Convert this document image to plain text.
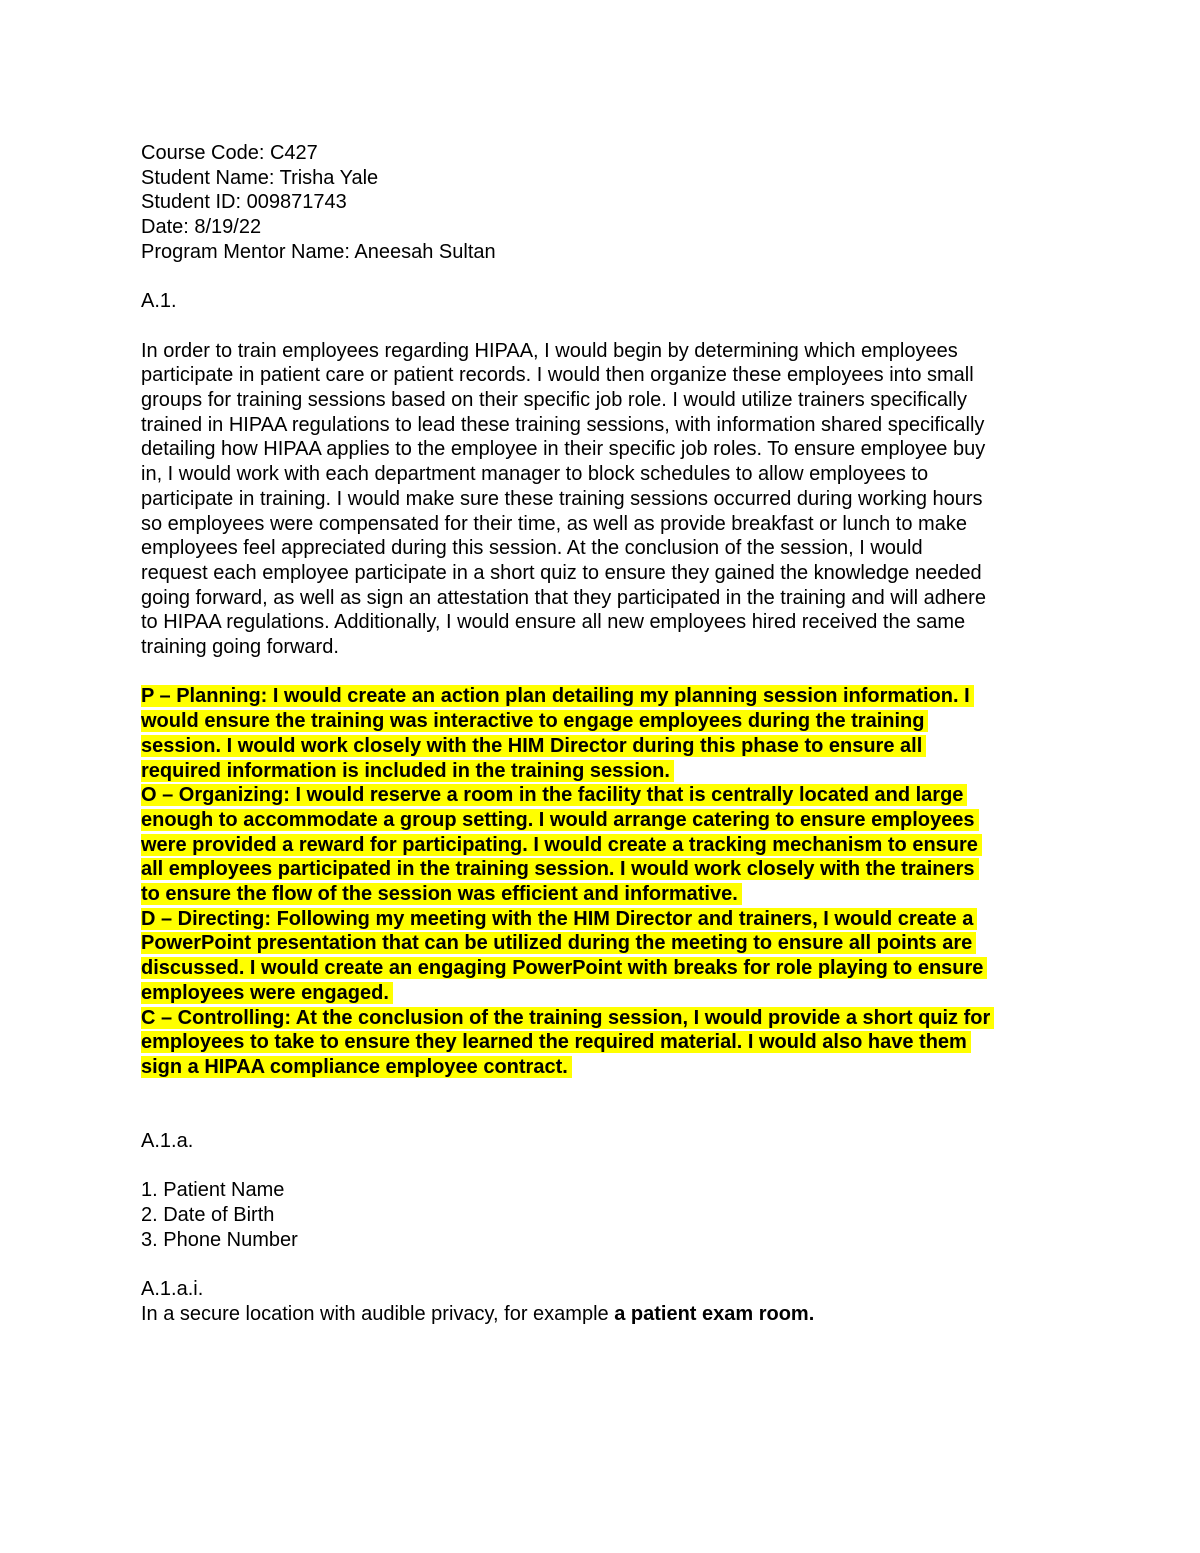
Course Code: C427
Student Name: Trisha Yale
Student ID: 009871743
Date: 8/19/22
Program Mentor Name: Aneesah Sultan
A.1.
In order to train employees regarding HIPAA, I would begin by determining which employees
participate in patient care or patient records. I would then organize these employees into small
groups for training sessions based on their specific job role. I would utilize trainers specifically
trained in HIPAA regulations to lead these training sessions, with information shared specifically
detailing how HIPAA applies to the employee in their specific job roles. To ensure employee buy
in, I would work with each department manager to block schedules to allow employees to
participate in training. I would make sure these training sessions occurred during working hours
so employees were compensated for their time, as well as provide breakfast or lunch to make
employees feel appreciated during this session. At the conclusion of the session, I would
request each employee participate in a short quiz to ensure they gained the knowledge needed
going forward, as well as sign an attestation that they participated in the training and will adhere
to HIPAA regulations. Additionally, I would ensure all new employees hired received the same
training going forward.
P – Planning: I would create an action plan detailing my planning session information. I
would ensure the training was interactive to engage employees during the training
session. I would work closely with the HIM Director during this phase to ensure all
required information is included in the training session.
O – Organizing: I would reserve a room in the facility that is centrally located and large
enough to accommodate a group setting. I would arrange catering to ensure employees
were provided a reward for participating. I would create a tracking mechanism to ensure
all employees participated in the training session. I would work closely with the trainers
to ensure the flow of the session was efficient and informative.
D – Directing: Following my meeting with the HIM Director and trainers, I would create a
PowerPoint presentation that can be utilized during the meeting to ensure all points are
discussed. I would create an engaging PowerPoint with breaks for role playing to ensure
employees were engaged.
C – Controlling: At the conclusion of the training session, I would provide a short quiz for
employees to take to ensure they learned the required material. I would also have them
sign a HIPAA compliance employee contract.
A.1.a.
1. Patient Name
2. Date of Birth
3. Phone Number
A.1.a.i.
In a secure location with audible privacy, for example a patient exam room.
